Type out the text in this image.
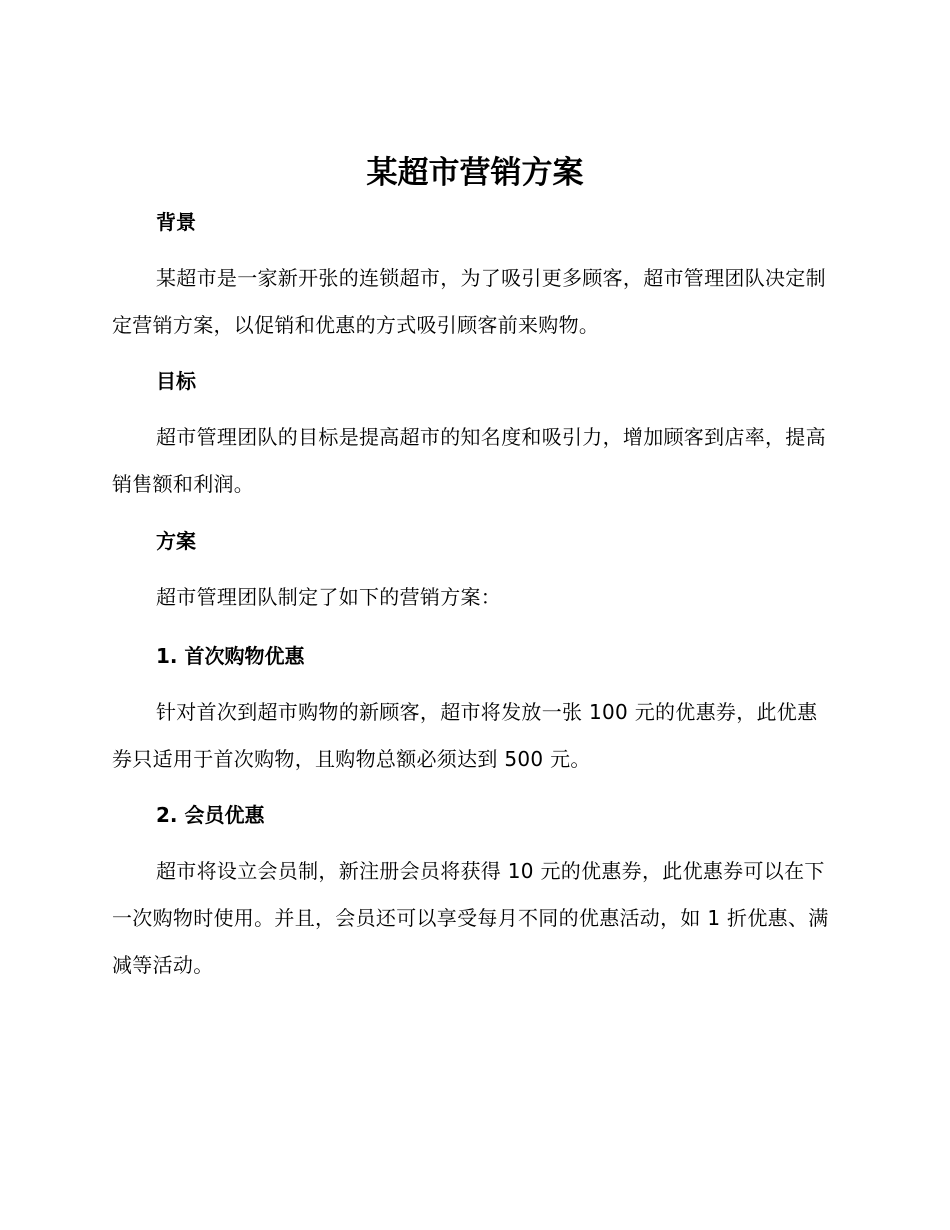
某超市营销方案
背景

某超市是一家新开张的连锁超市，为了吸引更多顾客，超市管理团队决定制定营销方案，以促销和优惠的方式吸引顾客前来购物。

目标

超市管理团队的目标是提高超市的知名度和吸引力，增加顾客到店率，提高销售额和利润。

方案

超市管理团队制定了如下的营销方案：

1. 首次购物优惠

针对首次到超市购物的新顾客，超市将发放一张 100 元的优惠券，此优惠券只适用于首次购物，且购物总额必须达到 500 元。

2. 会员优惠

超市将设立会员制，新注册会员将获得 10 元的优惠券，此优惠券可以在下一次购物时使用。并且，会员还可以享受每月不同的优惠活动，如 1 折优惠、满减等活动。
